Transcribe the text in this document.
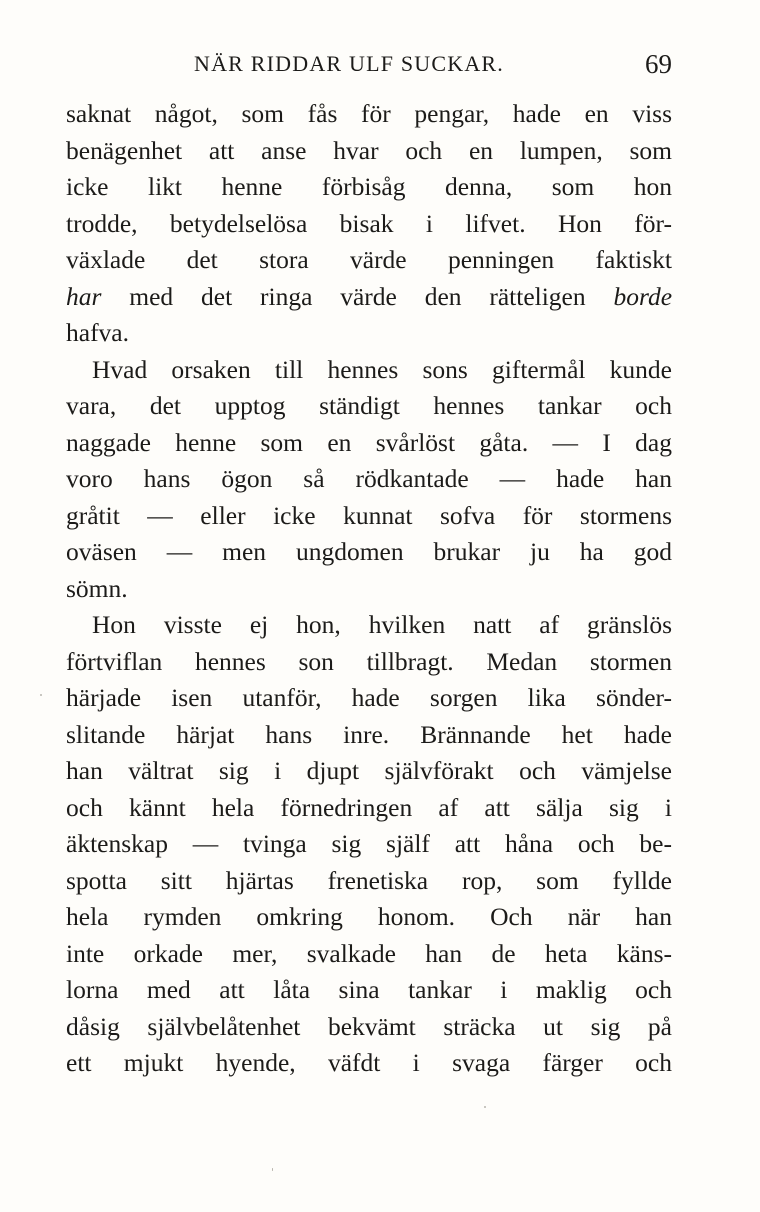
NÄR RIDDAR ULF SUCKAR.	69
saknat något, som fås för pengar, hade en viss
benägenhet att anse hvar och en lumpen, som
icke likt henne förbisåg denna, som hon
trodde, betydelselösa bisak i lifvet. Hon för-
växlade det stora värde penningen faktiskt
har med det ringa värde den rätteligen borde
hafva.
Hvad orsaken till hennes sons giftermål kunde
vara, det upptog ständigt hennes tankar och
naggade henne som en svårlöst gåta. — I dag
voro hans ögon så rödkantade — hade han
gråtit — eller icke kunnat sofva för stormens
oväsen — men ungdomen brukar ju ha god
sömn.
Hon visste ej hon, hvilken natt af gränslös
förtviflan hennes son tillbragt. Medan stormen
härjade isen utanför, hade sorgen lika sönder-
slitande härjat hans inre. Brännande het hade
han vältrat sig i djupt självförakt och vämjelse
och kännt hela förnedringen af att sälja sig i
äktenskap — tvinga sig själf att håna och be-
spotta sitt hjärtas frenetiska rop, som fyllde
hela rymden omkring honom. Och när han
inte orkade mer, svalkade han de heta käns-
lorna med att låta sina tankar i maklig och
dåsig självbelåtenhet bekvämt sträcka ut sig på
ett mjukt hyende, väfdt i svaga färger och
